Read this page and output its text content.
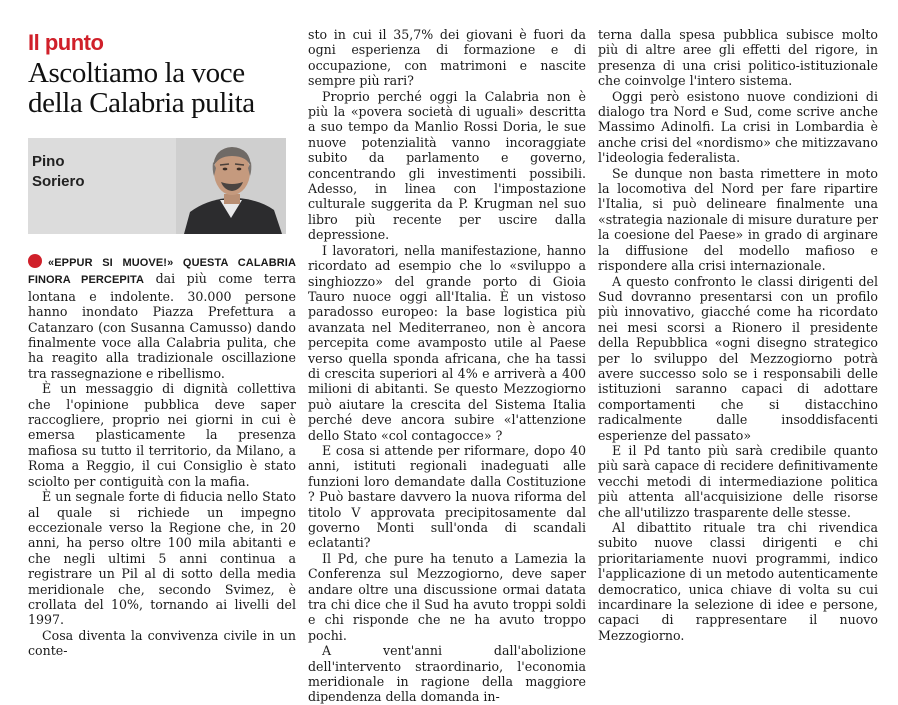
Il punto
Ascoltiamo la voce della Calabria pulita
Pino
Soriero

«EPPUR SI MUOVE!» QUESTA CALABRIA FINORA PERCEPITA dai più come terra lontana e indolente. 30.000 persone hanno inondato Piazza Prefettura a Catanzaro (con Susanna Camusso) dando finalmente voce alla Calabria pulita, che ha reagito alla tradizionale oscillazione tra rassegnazione e ribellismo.

È un messaggio di dignità collettiva che l'opinione pubblica deve saper raccogliere, proprio nei giorni in cui è emersa plasticamente la presenza mafiosa su tutto il territorio, da Milano, a Roma a Reggio, il cui Consiglio è stato sciolto per contiguità con la mafia.

È un segnale forte di fiducia nello Stato al quale si richiede un impegno eccezionale verso la Regione che, in 20 anni, ha perso oltre 100 mila abitanti e che negli ultimi 5 anni continua a registrare un Pil al di sotto della media meridionale che, secondo Svimez, è crollata del 10%, tornando ai livelli del 1997.

Cosa diventa la convivenza civile in un conte-

sto in cui il 35,7% dei giovani è fuori da ogni esperienza di formazione e di occupazione, con matrimoni e nascite sempre più rari?

Proprio perché oggi la Calabria non è più la «povera società di uguali» descritta a suo tempo da Manlio Rossi Doria, le sue nuove potenzialità vanno incoraggiate subito da parlamento e governo, concentrando gli investimenti possibili. Adesso, in linea con l'impostazione culturale suggerita da P. Krugman nel suo libro più recente per uscire dalla depressione.

I lavoratori, nella manifestazione, hanno ricordato ad esempio che lo «sviluppo a singhiozzo» del grande porto di Gioia Tauro nuoce oggi all'Italia. È un vistoso paradosso europeo: la base logistica più avanzata nel Mediterraneo, non è ancora percepita come avamposto utile al Paese verso quella sponda africana, che ha tassi di crescita superiori al 4% e arriverà a 400 milioni di abitanti. Se questo Mezzogiorno può aiutare la crescita del Sistema Italia perché deve ancora subire «l'attenzione dello Stato «col contagocce» ?

E cosa si attende per riformare, dopo 40 anni, istituti regionali inadeguati alle funzioni loro demandate dalla Costituzione ? Può bastare davvero la nuova riforma del titolo V approvata precipitosamente dal governo Monti sull'onda di scandali eclatanti?

Il Pd, che pure ha tenuto a Lamezia la Conferenza sul Mezzogiorno, deve saper andare oltre una discussione ormai datata tra chi dice che il Sud ha avuto troppi soldi e chi risponde che ne ha avuto troppo pochi.

A vent'anni dall'abolizione dell'intervento straordinario, l'economia meridionale in ragione della maggiore dipendenza della domanda in-

terna dalla spesa pubblica subisce molto più di altre aree gli effetti del rigore, in presenza di una crisi politico-istituzionale che coinvolge l'intero sistema.

Oggi però esistono nuove condizioni di dialogo tra Nord e Sud, come scrive anche Massimo Adinolfi. La crisi in Lombardia è anche crisi del «nordismo» che mitizzavano l'ideologia federalista.

Se dunque non basta rimettere in moto la locomotiva del Nord per fare ripartire l'Italia, si può delineare finalmente una «strategia nazionale di misure durature per la coesione del Paese» in grado di arginare la diffusione del modello mafioso e rispondere alla crisi internazionale.

A questo confronto le classi dirigenti del Sud dovranno presentarsi con un profilo più innovativo, giacché come ha ricordato nei mesi scorsi a Rionero il presidente della Repubblica «ogni disegno strategico per lo sviluppo del Mezzogiorno potrà avere successo solo se i responsabili delle istituzioni saranno capaci di adottare comportamenti che si distacchino radicalmente dalle insoddisfacenti esperienze del passato»

E il Pd tanto più sarà credibile quanto più sarà capace di recidere definitivamente vecchi metodi di intermediazione politica più attenta all'acquisizione delle risorse che all'utilizzo trasparente delle stesse.

Al dibattito rituale tra chi rivendica subito nuove classi dirigenti e chi prioritariamente nuovi programmi, indico l'applicazione di un metodo autenticamente democratico, unica chiave di volta su cui incardinare la selezione di idee e persone, capaci di rappresentare il nuovo Mezzogiorno.
